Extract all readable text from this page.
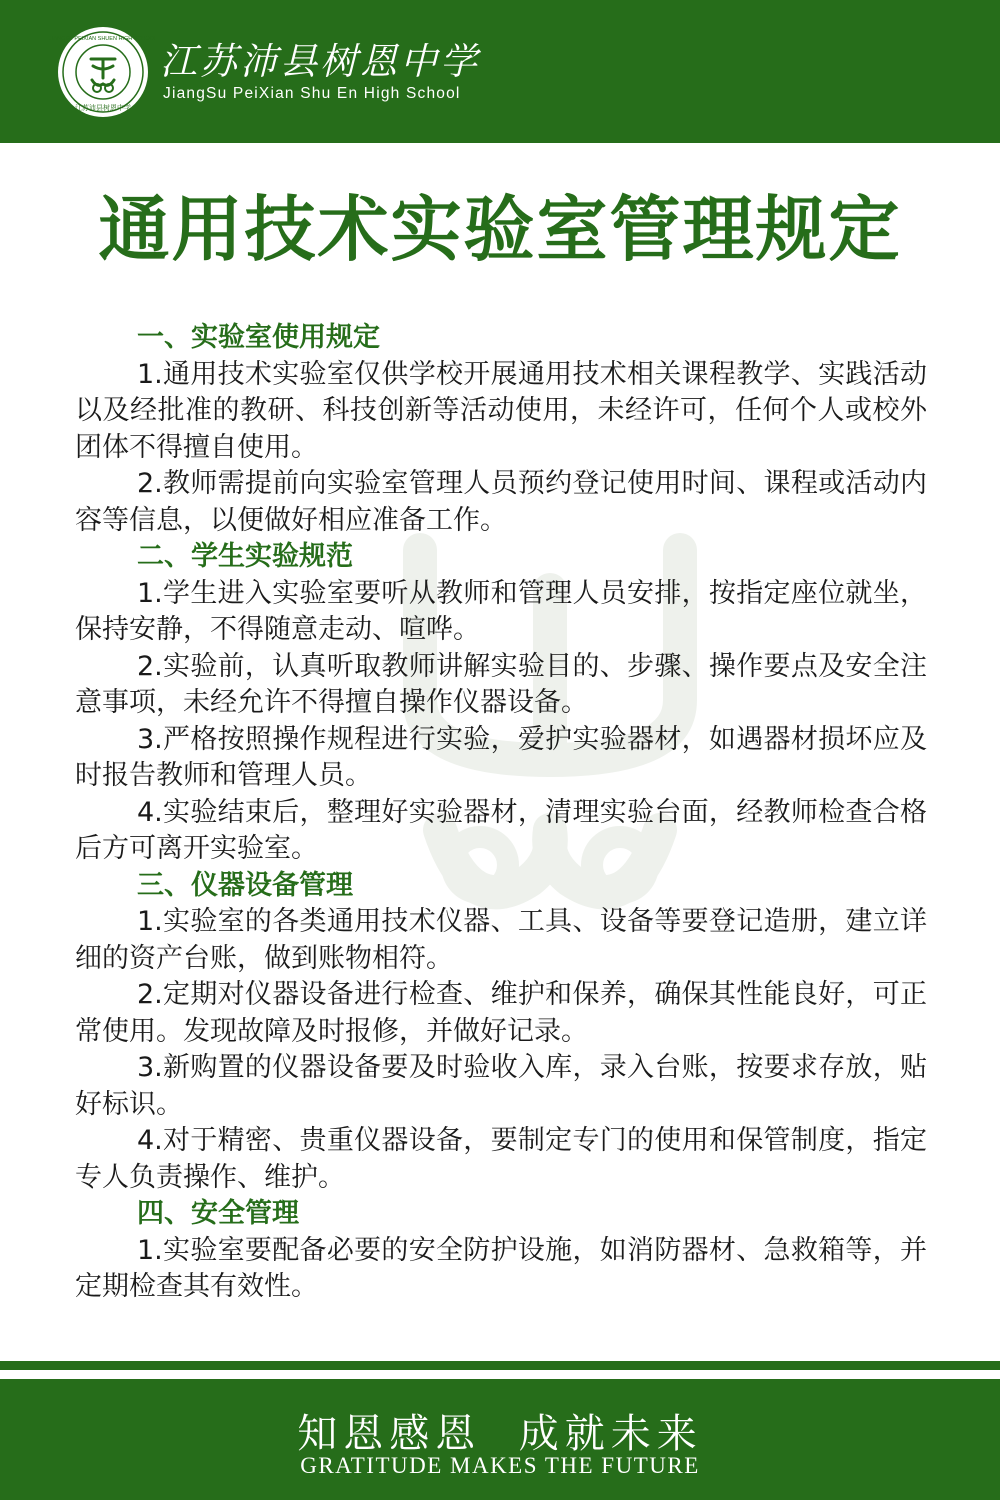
JIANGSU PEIXIAN SHUEN HIGH SCHOOL
江苏沛县树恩中学
江苏沛县树恩中学
JiangSu PeiXian Shu En High School
通用技术实验室管理规定
一、实验室使用规定
1.通用技术实验室仅供学校开展通用技术相关课程教学、实践活动以及经批准的教研、科技创新等活动使用，未经许可，任何个人或校外团体不得擅自使用。
2.教师需提前向实验室管理人员预约登记使用时间、课程或活动内容等信息，以便做好相应准备工作。
二、学生实验规范
1.学生进入实验室要听从教师和管理人员安排，按指定座位就坐，保持安静，不得随意走动、喧哗。
2.实验前，认真听取教师讲解实验目的、步骤、操作要点及安全注意事项，未经允许不得擅自操作仪器设备。
3.严格按照操作规程进行实验，爱护实验器材，如遇器材损坏应及时报告教师和管理人员。
4.实验结束后，整理好实验器材，清理实验台面，经教师检查合格后方可离开实验室。
三、仪器设备管理
1.实验室的各类通用技术仪器、工具、设备等要登记造册，建立详细的资产台账，做到账物相符。
2.定期对仪器设备进行检查、维护和保养，确保其性能良好，可正常使用。发现故障及时报修，并做好记录。
3.新购置的仪器设备要及时验收入库，录入台账，按要求存放，贴好标识。
4.对于精密、贵重仪器设备，要制定专门的使用和保管制度，指定专人负责操作、维护。
四、安全管理
1.实验室要配备必要的安全防护设施，如消防器材、急救箱等，并定期检查其有效性。
知恩感恩  成就未来
GRATITUDE MAKES THE FUTURE
